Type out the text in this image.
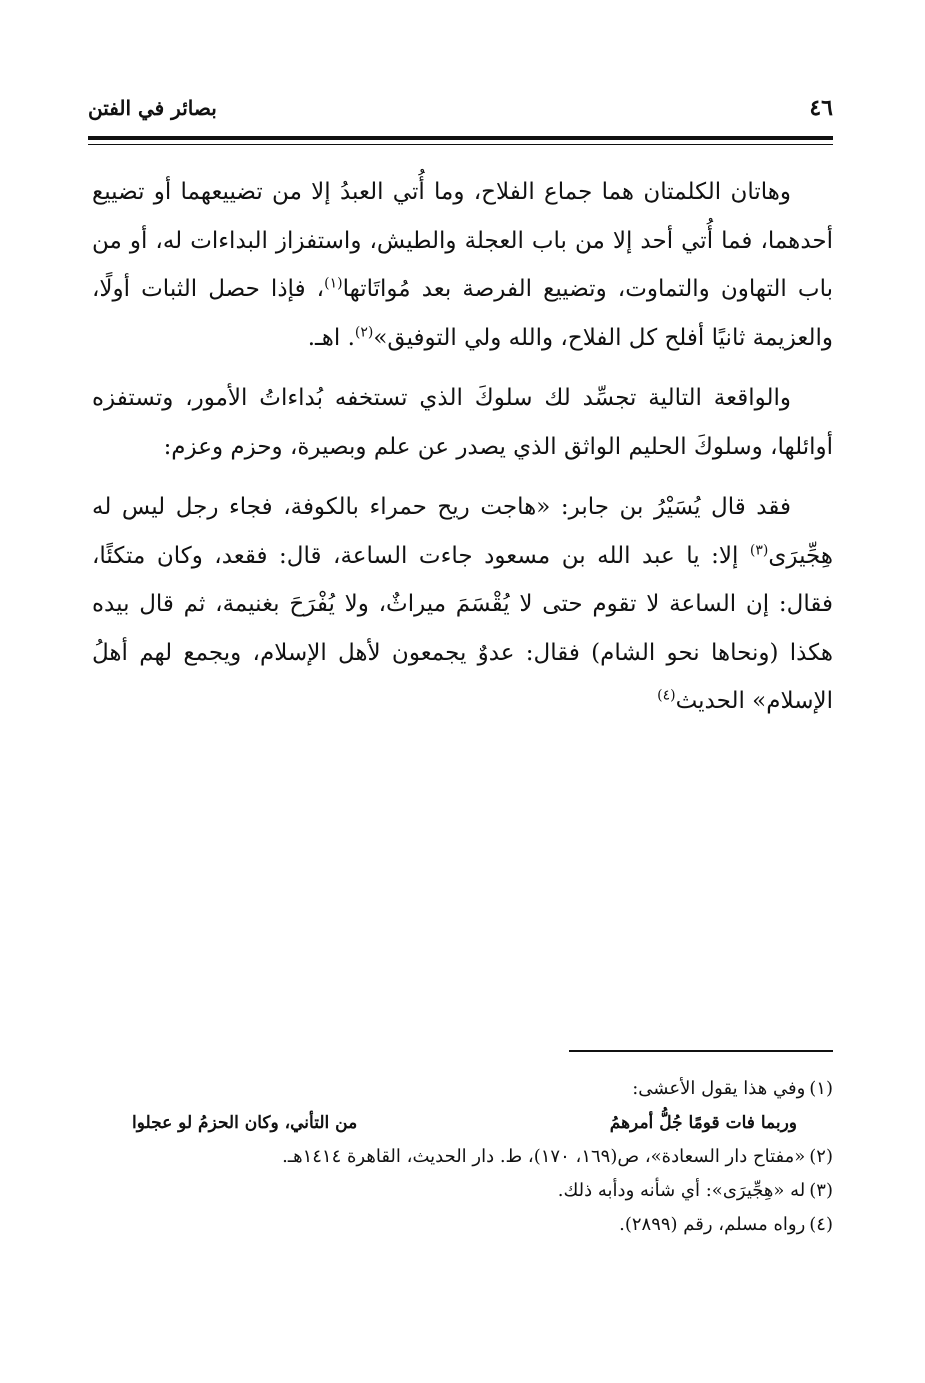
٤٦
بصائر في الفتن

وهاتان الكلمتان هما جماع الفلاح، وما أُتي العبدُ إلا من تضييعهما أو تضييع أحدهما، فما أُتي أحد إلا من باب العجلة والطيش، واستفزاز البداءات له، أو من باب التهاون والتماوت، وتضييع الفرصة بعد مُواتَاتها$^{(١)}$، فإذا حصل الثبات أولًا، والعزيمة ثانيًا أفلح كل الفلاح، والله ولي التوفيق»$^{(٢)}$. اهـ.

والواقعة التالية تجسِّد لك سلوكَ الذي تستخفه بُداءاتُ الأمور، وتستفزه أوائلها، وسلوكَ الحليم الواثق الذي يصدر عن علم وبصيرة، وحزم وعزم:

فقد قال يُسَيْرُ بن جابر: «هاجت ريح حمراء بالكوفة، فجاء رجل ليس له هِجِّيرَى$^{(٣)}$ إلا: يا عبد الله بن مسعود جاءت الساعة، قال: فقعد، وكان متكئًا، فقال: إن الساعة لا تقوم حتى لا يُقْسَمَ ميراثٌ، ولا يُفْرَحَ بغنيمة، ثم قال بيده هكذا (ونحاها نحو الشام) فقال: عدوٌ يجمعون لأهل الإسلام، ويجمع لهم أهلُ الإسلام» الحديث$^{(٤)}$

(١)وفي هذا يقول الأعشى:

وربما فات قومًا جُلُّ أمرهمُ
من التأني، وكان الحزمُ لو عجلوا

(٢)«مفتاح دار السعادة»، ص(١٦٩، ١٧٠)، ط. دار الحديث، القاهرة ١٤١٤هـ.

(٣)له «هِجِّيرَى»: أي شأنه ودأبه ذلك.

(٤)رواه مسلم، رقم (٢٨٩٩).
